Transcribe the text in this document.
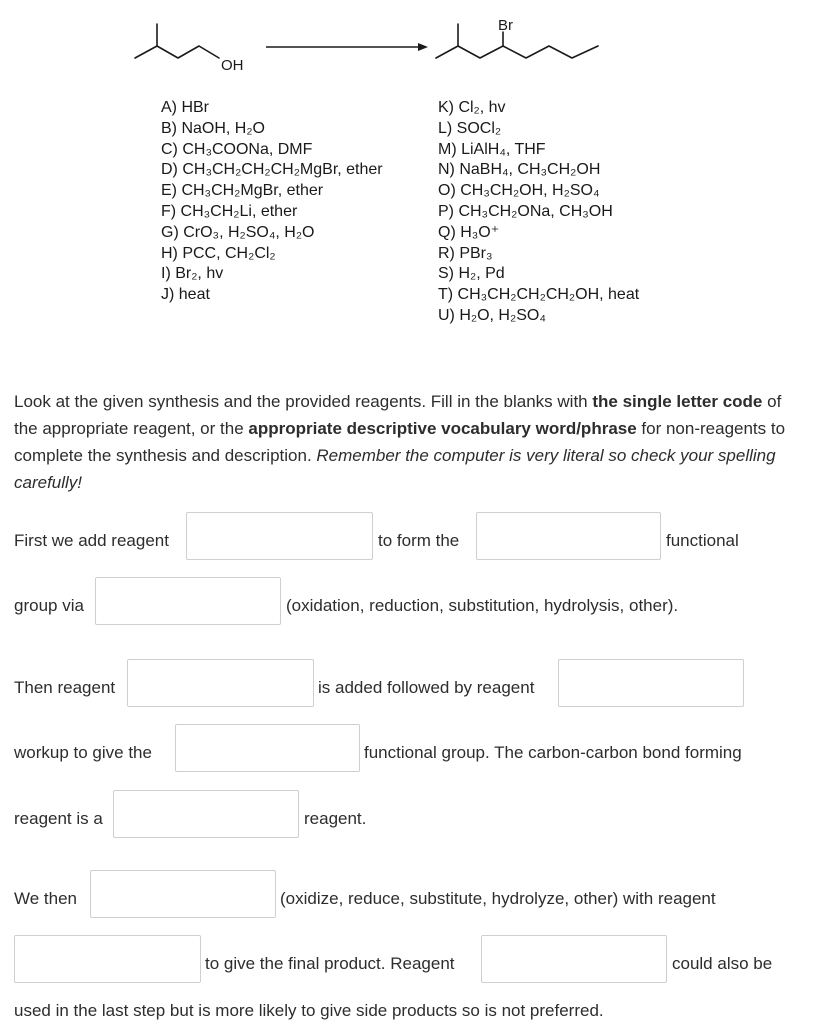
OH
Br
A) HBr
B) NaOH, H₂O
C) CH₃COONa, DMF
D) CH₃CH₂CH₂CH₂MgBr, ether
E) CH₃CH₂MgBr, ether
F) CH₃CH₂Li, ether
G) CrO₃, H₂SO₄, H₂O
H) PCC, CH₂Cl₂
I) Br₂, hv
J) heat
K) Cl₂, hv
L) SOCl₂
M) LiAlH₄, THF
N) NaBH₄, CH₃CH₂OH
O) CH₃CH₂OH, H₂SO₄
P) CH₃CH₂ONa, CH₃OH
Q) H₃O⁺
R) PBr₃
S) H₂, Pd
T) CH₃CH₂CH₂CH₂OH, heat
U) H₂O, H₂SO₄
Look at the given synthesis and the provided reagents. Fill in the blanks with the single letter code of the appropriate reagent, or the appropriate descriptive vocabulary word/phrase for non-reagents to complete the synthesis and description. Remember the computer is very literal so check your spelling carefully!
First we add reagent	to form the	functional
group via	(oxidation, reduction, substitution, hydrolysis, other).
Then reagent	is added followed by reagent
workup to give the	functional group. The carbon-carbon bond forming
reagent is a	reagent.
We then	(oxidize, reduce, substitute, hydrolyze, other) with reagent
to give the final product. Reagent	could also be
used in the last step but is more likely to give side products so is not preferred.
